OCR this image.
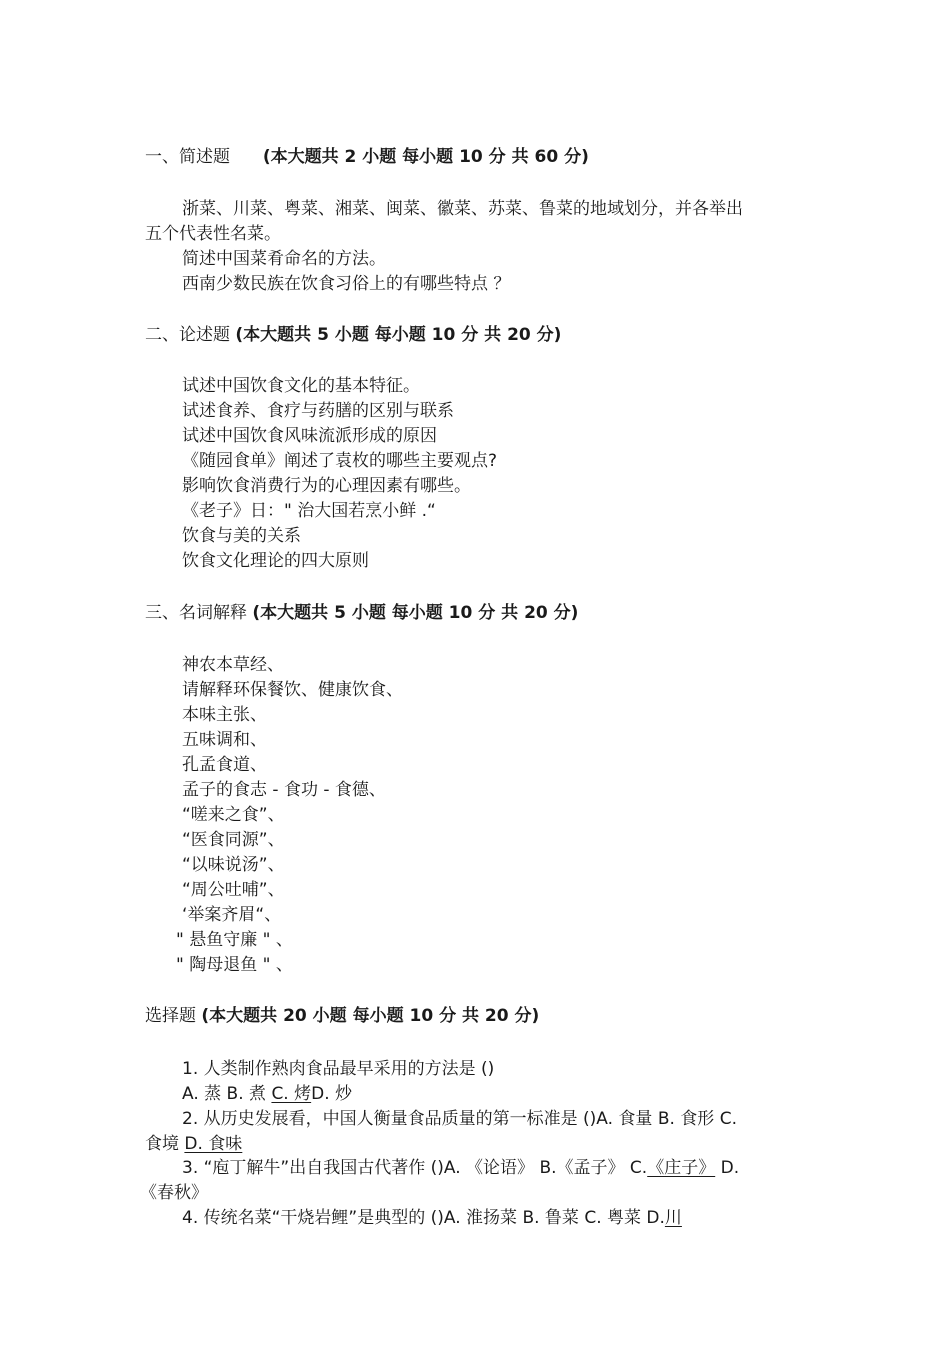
一、简述题 (本大题共 2 小题 每小题 10 分 共 60 分)
浙菜、川菜、粤菜、湘菜、闽菜、徽菜、苏菜、鲁菜的地域划分，并各举出
五个代表性名菜。
简述中国菜肴命名的方法。
西南少数民族在饮食习俗上的有哪些特点 ？
二、论述题 (本大题共 5 小题 每小题 10 分 共 20 分)
试述中国饮食文化的基本特征。
试述食养、食疗与药膳的区别与联系
试述中国饮食风味流派形成的原因
《随园食单》阐述了袁枚的哪些主要观点?
影响饮食消费行为的心理因素有哪些。
《老子》日：" 治大国若烹小鲜 .“
饮食与美的关系
饮食文化理论的四大原则
三、名词解释 (本大题共 5 小题 每小题 10 分 共 20 分)
神农本草经、
请解释环保餐饮、健康饮食、
本味主张、
五味调和、
孔孟食道、
孟子的食志 - 食功 - 食德、
“嗟来之食”、
“医食同源”、
“以味说汤”、
“周公吐哺”、
‘举案齐眉“、
" 悬鱼守廉 " 、
" 陶母退鱼 " 、
选择题 (本大题共 20 小题 每小题 10 分 共 20 分)
1. 人类制作熟肉食品最早采用的方法是 ()
A. 蒸 B. 煮 C. 烤D. 炒
2. 从历史发展看，中国人衡量食品质量的第一标准是 ()A. 食量 B. 食形 C.
食境 D. 食味
3. “庖丁解牛”出自我国古代著作 ()A. 《论语》 B.《孟子》 C.《庄子》 D.
《春秋》
4. 传统名菜“干烧岩鲤”是典型的 ()A. 淮扬菜 B. 鲁菜 C. 粤菜 D.川
